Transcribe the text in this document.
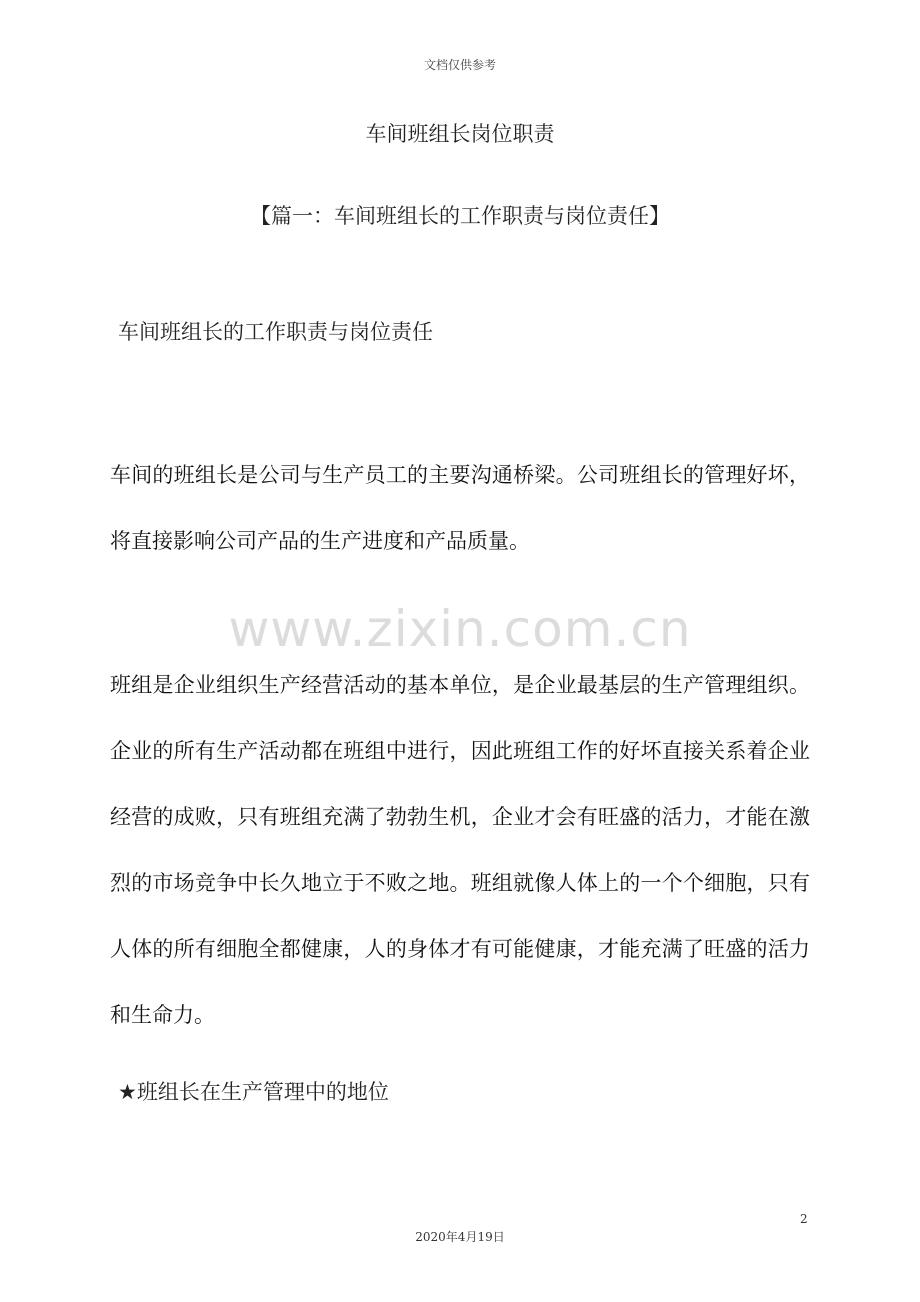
文档仅供参考
车间班组长岗位职责
【篇一：车间班组长的工作职责与岗位责任】
车间班组长的工作职责与岗位责任

车间的班组长是公司与生产员工的主要沟通桥梁。公司班组长的管理好坏，将直接影响公司产品的生产进度和产品质量。

www.zixin.com.cn

班组是企业组织生产经营活动的基本单位，是企业最基层的生产管理组织。企业的所有生产活动都在班组中进行，因此班组工作的好坏直接关系着企业经营的成败，只有班组充满了勃勃生机，企业才会有旺盛的活力，才能在激烈的市场竞争中长久地立于不败之地。班组就像人体上的一个个细胞，只有人体的所有细胞全都健康，人的身体才有可能健康，才能充满了旺盛的活力和生命力。

★班组长在生产管理中的地位
2
2020年4月19日
